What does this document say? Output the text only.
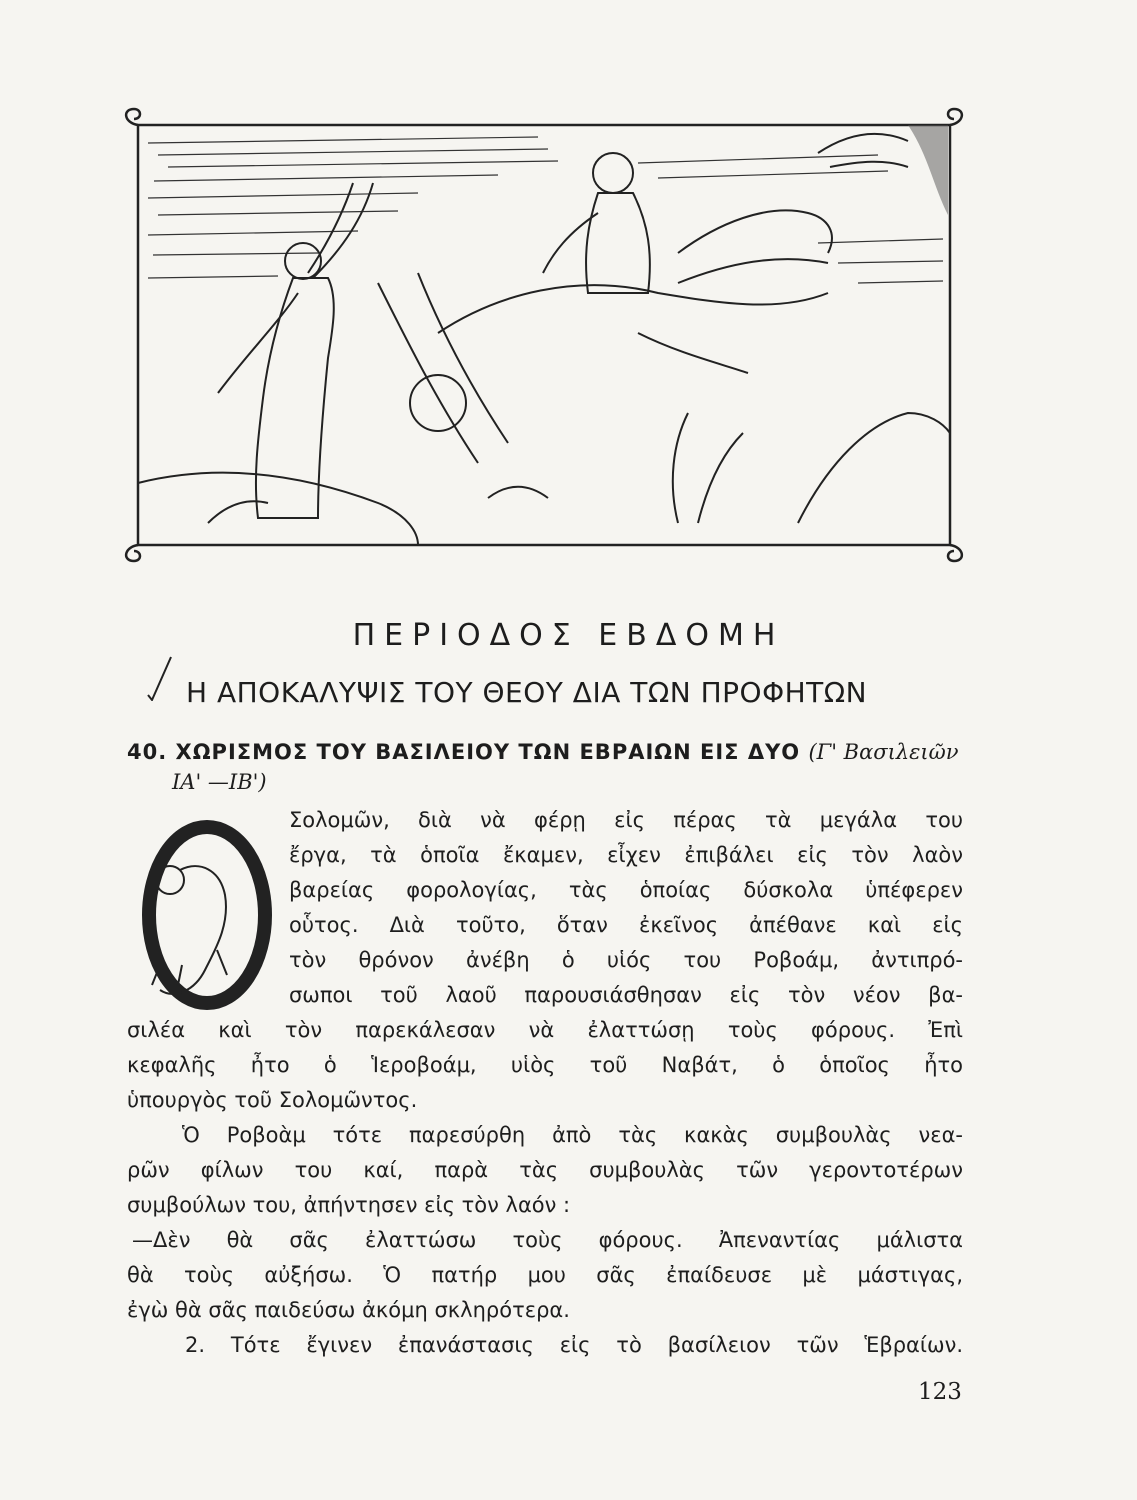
ΠΕΡΙΟΔΟΣ ΕΒΔΟΜΗ
Η ΑΠΟΚΑΛΥΨΙΣ ΤΟΥ ΘΕΟΥ ΔΙΑ ΤΩΝ ΠΡΟΦΗΤΩΝ
40. ΧΩΡΙΣΜΟΣ ΤΟΥ ΒΑΣΙΛΕΙΟΥ ΤΩΝ ΕΒΡΑΙΩΝ ΕΙΣ ΔΥΟ (Γ' Βασιλειῶν
ΙΑ' —ΙΒ')
Ο
Σολομῶν, διὰ νὰ φέρῃ εἰς πέρας τὰ μεγάλα του
ἔργα, τὰ ὁποῖα ἔκαμεν, εἶχεν ἐπιβάλει εἰς τὸν λαὸν
βαρείας φορολογίας, τὰς ὁποίας δύσκολα ὑπέφερεν
οὗτος. Διὰ τοῦτο, ὅταν ἐκεῖνος ἀπέθανε καὶ εἰς
τὸν θρόνον ἀνέβη ὁ υἱός του Ροβοάμ, ἀντιπρό-
σωποι τοῦ λαοῦ παρουσιάσθησαν εἰς τὸν νέον βα-
σιλέα καὶ τὸν παρεκάλεσαν νὰ ἐλαττώσῃ τοὺς φόρους. Ἐπὶ
κεφαλῆς ἦτο ὁ Ἱεροβοάμ, υἱὸς τοῦ Ναβάτ, ὁ ὁποῖος ἦτο
ὑπουργὸς τοῦ Σολομῶντος.
Ὁ Ροβοὰμ τότε παρεσύρθη ἀπὸ τὰς κακὰς συμβουλὰς νεα-
ρῶν φίλων του καί, παρὰ τὰς συμβουλὰς τῶν γεροντοτέρων
συμβούλων του, ἀπήντησεν εἰς τὸν λαόν :
—Δὲν θὰ σᾶς ἐλαττώσω τοὺς φόρους. Ἀπεναντίας μάλιστα
θὰ τοὺς αὐξήσω. Ὁ πατήρ μου σᾶς ἐπαίδευσε μὲ μάστιγας,
ἐγὼ θὰ σᾶς παιδεύσω ἀκόμη σκληρότερα.
2. Τότε ἔγινεν ἐπανάστασις εἰς τὸ βασίλειον τῶν Ἑβραίων.
123
